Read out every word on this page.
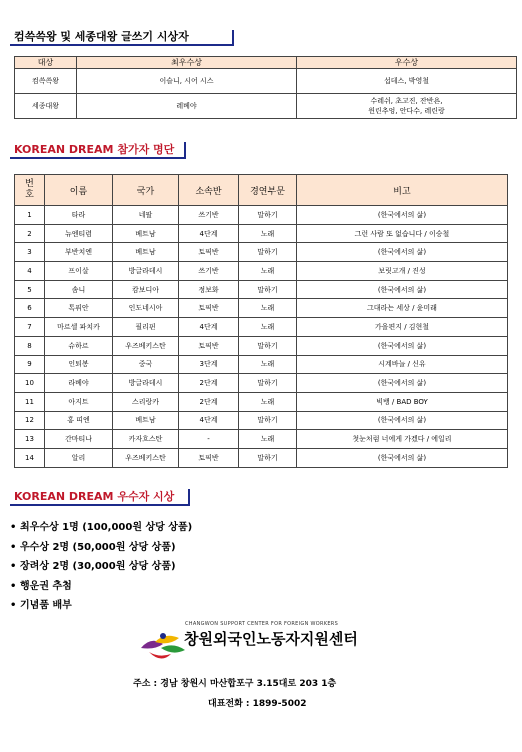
컴쓱쓱왕 및 세종대왕 글쓰기 시상자
대상	최우수상	우수상
컴쓱쓱왕	이슬니, 시어 시스	섭데스, 박영철
세종대왕	레베야	수레쉬, 초고진, 잔반욘,
윈린추엉, 안다수, 레린랑
KOREAN DREAM 참가자 명단
번호	이름	국가	소속반	경연부문	비고
1	타라	네팔	쓰기반	말하기	(한국에서의 삶)
2	뉴엔티렴	베트남	4단계	노래	그런 사람 또 없습니다 / 이승철
3	부반치엔	베트남	토픽반	말하기	(한국에서의 삶)
4	프이살	방글라데시	쓰기반	노래	보릿고개 / 진성
5	솜니	캄보디아	정보화	말하기	(한국에서의 삶)
6	톡퓌안	인도네시아	토픽반	노래	그대라는 세상 / 윤미래
7	마르셀 파치카	필리핀	4단계	노래	가을편지 / 김현철
8	슈하르	우즈베키스탄	토픽반	말하기	(한국에서의 삶)
9	인퇴봉	중국	3단계	노래	시계바늘 / 신유
10	라베야	방글라데시	2단계	말하기	(한국에서의 삶)
11	아지트	스리랑카	2단계	노래	빅뱅 / BAD BOY
12	홍 띠엔	베트남	4단계	말하기	(한국에서의 삶)
13	간마티나	카자흐스탄	-	노래	첫눈처럼 너에게 가겠다 / 에일리
14	알리	우즈베키스탄	토픽반	말하기	(한국에서의 삶)
KOREAN DREAM 우수자 시상
• 최우수상 1명 (100,000원 상당 상품)
• 우수상 2명 (50,000원 상당 상품)
• 장려상 2명 (30,000원 상당 상품)
• 행운권 추첨
• 기념품 배부
CHANGWON SUPPORT CENTER FOR FOREIGN WORKERS
창원외국인노동자지원센터
주소 : 경남 창원시 마산합포구 3.15대로 203 1층
대표전화 : 1899-5002
